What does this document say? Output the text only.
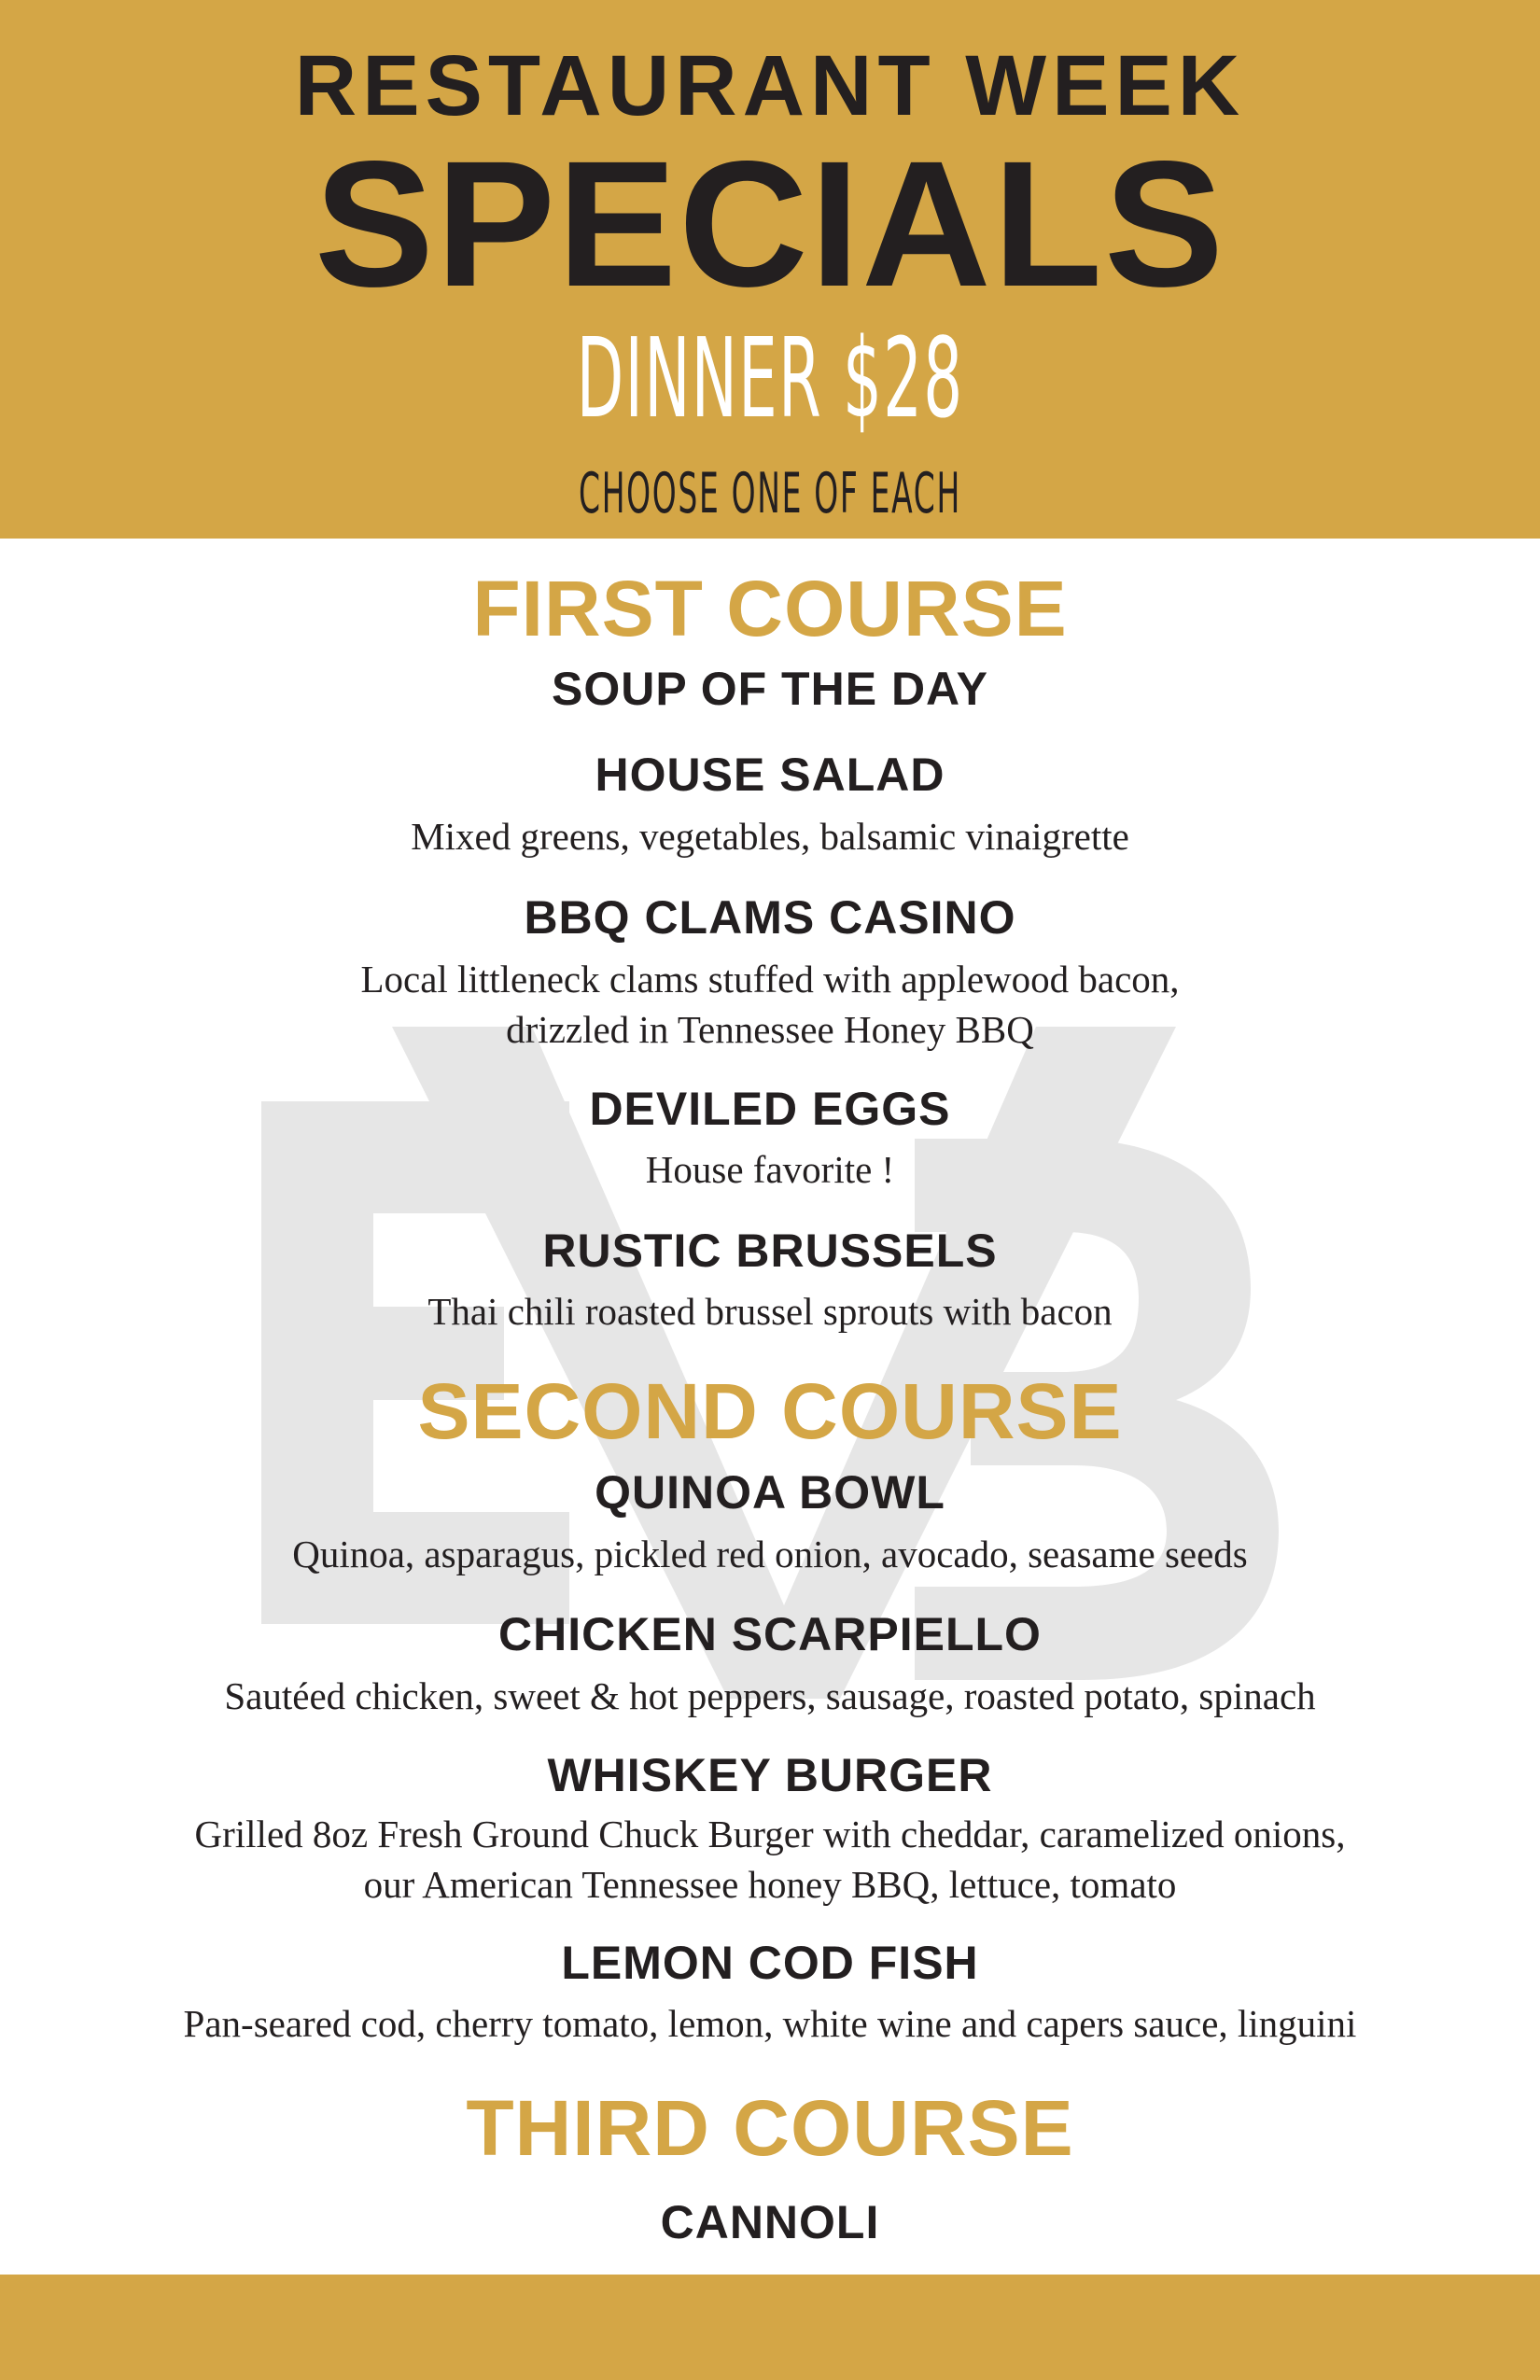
RESTAURANT WEEK
SPECIALS
DINNER $28
CHOOSE ONE OF EACH
FIRST COURSE
SOUP OF THE DAY
HOUSE SALAD
Mixed greens, vegetables, balsamic vinaigrette
BBQ CLAMS CASINO
Local littleneck clams stuffed with applewood bacon,
drizzled in Tennessee Honey BBQ
DEVILED EGGS
House favorite !
RUSTIC BRUSSELS
Thai chili roasted brussel sprouts with bacon
SECOND COURSE
QUINOA BOWL
Quinoa, asparagus, pickled red onion, avocado, seasame seeds
CHICKEN SCARPIELLO
Sautéed chicken, sweet & hot peppers, sausage, roasted potato, spinach
WHISKEY BURGER
Grilled 8oz Fresh Ground Chuck Burger with cheddar, caramelized onions,
our American Tennessee honey BBQ, lettuce, tomato
LEMON COD FISH
Pan-seared cod, cherry tomato, lemon, white wine and capers sauce, linguini
THIRD COURSE
CANNOLI
